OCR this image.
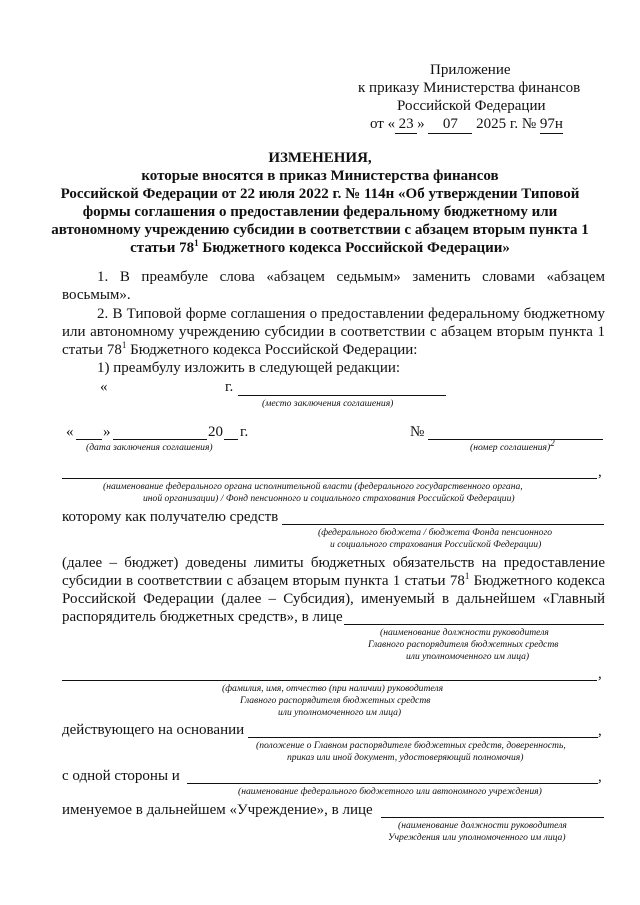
Приложение
к приказу Министерства финансов
Российской Федерации
от « 23 » 07 2025 г. № 97н
ИЗМЕНЕНИЯ,
которые вносятся в приказ Министерства финансов
Российской Федерации от 22 июля 2022 г. № 114н «Об утверждении Типовой
формы соглашения о предоставлении федеральному бюджетному или
автономному учреждению субсидии в соответствии с абзацем вторым пункта 1
статьи $78^1$ Бюджетного кодекса Российской Федерации»
1. В преамбуле слова «абзацем седьмым» заменить словами «абзацем
восьмым».
2. В Типовой форме соглашения о предоставлении федеральному бюджетному
или автономному учреждению субсидии в соответствии с абзацем вторым пункта 1
статьи $78^1$ Бюджетного кодекса Российской Федерации:
1) преамбулу изложить в следующей редакции:
«	г.
(место заключения соглашения)
« »	20 г.	№
(дата заключения соглашения)	(номер соглашения)$^2$
,
(наименование федерального органа исполнительной власти (федерального государственного органа,
иной организации) / Фонд пенсионного и социального страхования Российской Федерации)
которому как получателю средств
(федерального бюджета / бюджета Фонда пенсионного
и социального страхования Российской Федерации)
(далее – бюджет) доведены лимиты бюджетных обязательств на предоставление
субсидии в соответствии с абзацем вторым пункта 1 статьи $78^1$ Бюджетного кодекса
Российской Федерации (далее – Субсидия), именуемый в дальнейшем «Главный
распорядитель бюджетных средств», в лице
(наименование должности руководителя
Главного распорядителя бюджетных средств
или уполномоченного им лица)
,
(фамилия, имя, отчество (при наличии) руководителя
Главного распорядителя бюджетных средств
или уполномоченного им лица)
действующего на основании	,
(положение о Главном распорядителе бюджетных средств, доверенность,
приказ или иной документ, удостоверяющий полномочия)
с одной стороны и	,
(наименование федерального бюджетного или автономного учреждения)
именуемое в дальнейшем «Учреждение», в лице
(наименование должности руководителя
Учреждения или уполномоченного им лица)
